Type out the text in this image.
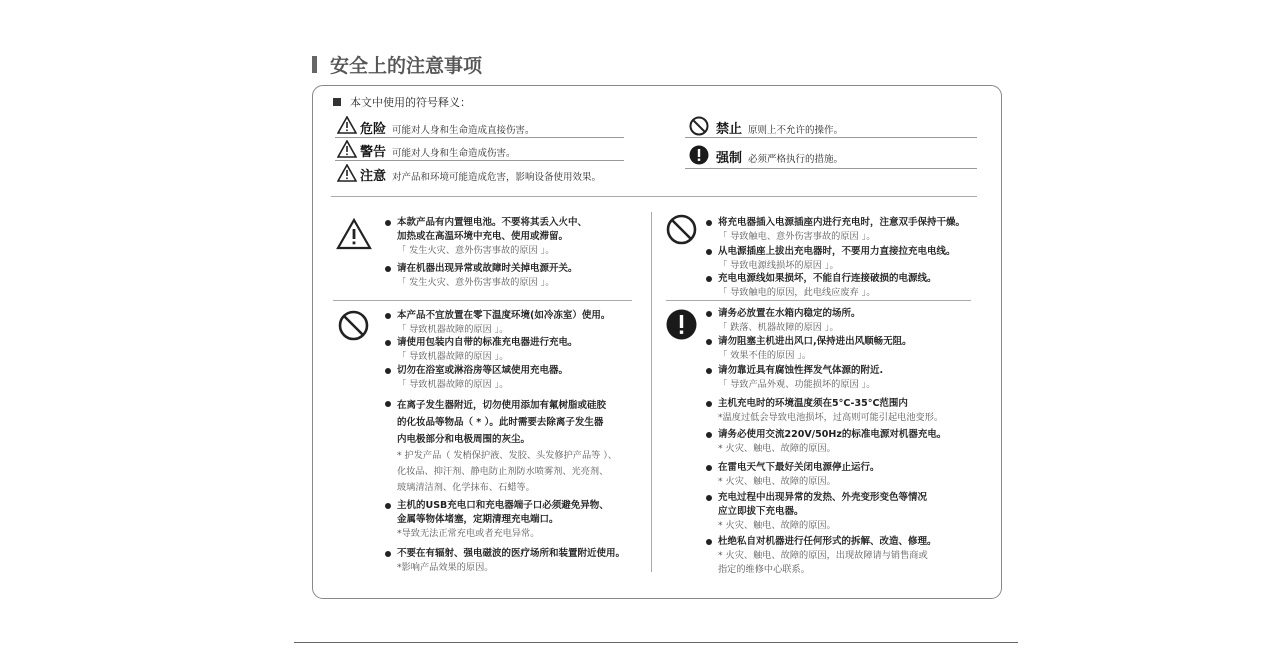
安全上的注意事项
本文中使用的符号释义：
危险 可能对人身和生命造成直接伤害。
警告 可能对人身和生命造成伤害。
注意 对产品和环境可能造成危害，影响设备使用效果。
禁止 原则上不允许的操作。
强制 必须严格执行的措施。
本款产品有内置锂电池。不要将其丢入火中、
加热或在高温环境中充电、使用或滞留。
「 发生火灾、意外伤害事故的原因 」。
请在机器出现异常或故障时关掉电源开关。
「 发生火灾、意外伤害事故的原因 」。
本产品不宜放置在零下温度环境(如冷冻室）使用。
「 导致机器故障的原因 」。
请使用包装内自带的标准充电器进行充电。
「 导致机器故障的原因 」。
切勿在浴室或淋浴房等区域使用充电器。
「 导致机器故障的原因 」。
在离子发生器附近，切勿使用添加有氟树脂或硅胶
的化妆品等物品（ * ）。此时需要去除离子发生器
内电极部分和电极周围的灰尘。
* 护发产品（ 发梢保护液、发胶、头发修护产品等 ）、
化妆品、抑汗剂、静电防止剂防水喷雾剂、光亮剂、
玻璃清洁剂、化学抹布、石蜡等。
主机的USB充电口和充电器端子口必须避免异物、
金属等物体堵塞，定期清理充电端口。
*导致无法正常充电或者充电异常。
不要在有辐射、强电磁波的医疗场所和装置附近使用。
*影响产品效果的原因。
将充电器插入电源插座内进行充电时，注意双手保持干燥。
「 导致触电、意外伤害事故的原因 」。
从电源插座上拔出充电器时，不要用力直接拉充电电线。
「 导致电源线损坏的原因 」。
充电电源线如果损坏，不能自行连接破损的电源线。
「 导致触电的原因，此电线应废弃 」。
请务必放置在水箱内稳定的场所。
「 跌落、机器故障的原因 」。
请勿阻塞主机进出风口,保持进出风顺畅无阻。
「 效果不佳的原因 」。
请勿靠近具有腐蚀性挥发气体源的附近.
「 导致产品外观、功能损坏的原因 」。
主机充电时的环境温度须在5°C-35°C范围内
*温度过低会导致电池损坏，过高则可能引起电池变形。
请务必使用交流220V/50Hz的标准电源对机器充电。
* 火灾、触电、故障的原因。
在雷电天气下最好关闭电源停止运行。
* 火灾、触电、故障的原因。
充电过程中出现异常的发热、外壳变形变色等情况
应立即拔下充电器。
* 火灾、触电、故障的原因。
杜绝私自对机器进行任何形式的拆解、改造、修理。
* 火灾、触电、故障的原因，出现故障请与销售商或
指定的维修中心联系。
